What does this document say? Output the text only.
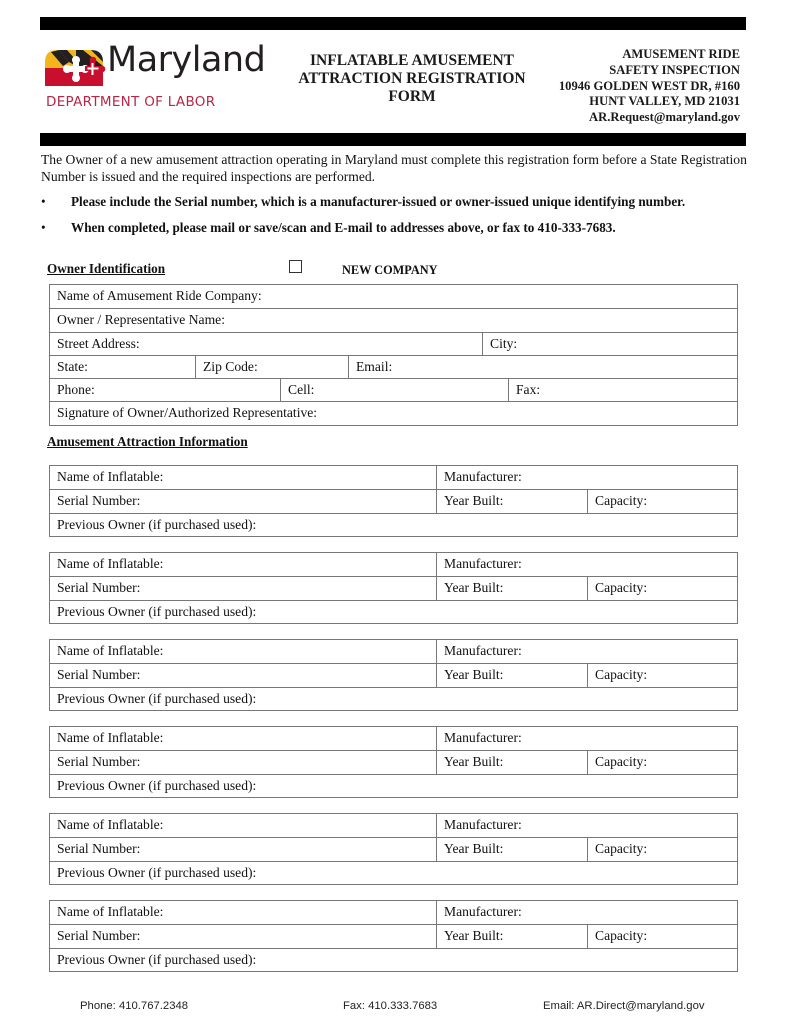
Maryland
DEPARTMENT OF LABOR
INFLATABLE AMUSEMENT
ATTRACTION REGISTRATION
FORM
AMUSEMENT RIDE
SAFETY INSPECTION
10946 GOLDEN WEST DR, #160
HUNT VALLEY, MD 21031
AR.Request@maryland.gov

The Owner of a new amusement attraction operating in Maryland must complete this registration form before a State Registration Number is issued and the required inspections are performed.

• Please include the Serial number, which is a manufacturer-issued or owner-issued unique identifying number.
• When completed, please mail or save/scan and E-mail to addresses above, or fax to 410-333-7683.
Owner Identification	NEW COMPANY
Name of Amusement Ride Company:
Owner / Representative Name:
Street Address:	City:
State:	Zip Code:	Email:
Phone:	Cell:	Fax:
Signature of Owner/Authorized Representative:
Amusement Attraction Information
Name of Inflatable:	Manufacturer:
Serial Number:	Year Built:	Capacity:
Previous Owner (if purchased used):
Name of Inflatable:	Manufacturer:
Serial Number:	Year Built:	Capacity:
Previous Owner (if purchased used):
Name of Inflatable:	Manufacturer:
Serial Number:	Year Built:	Capacity:
Previous Owner (if purchased used):
Name of Inflatable:	Manufacturer:
Serial Number:	Year Built:	Capacity:
Previous Owner (if purchased used):
Name of Inflatable:	Manufacturer:
Serial Number:	Year Built:	Capacity:
Previous Owner (if purchased used):
Name of Inflatable:	Manufacturer:
Serial Number:	Year Built:	Capacity:
Previous Owner (if purchased used):
Phone: 410.767.2348	Fax: 410.333.7683	Email: AR.Direct@maryland.gov
